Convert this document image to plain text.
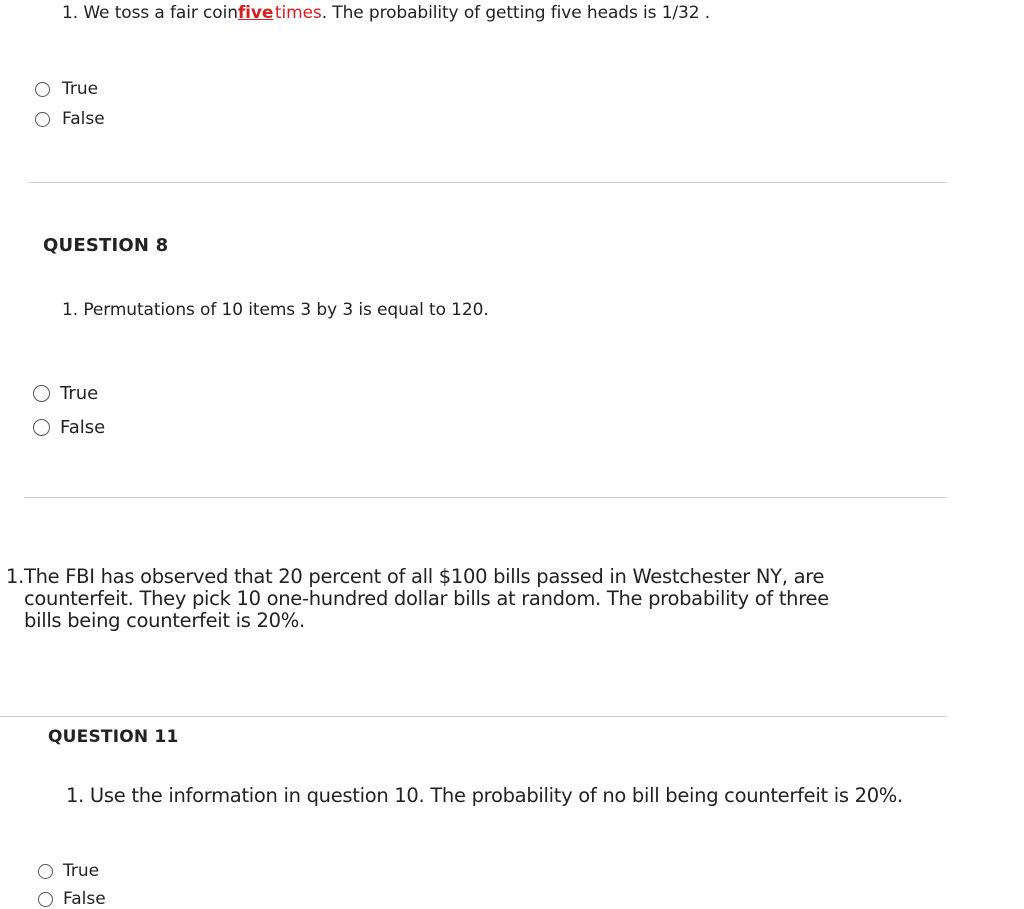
1. We toss a fair coinfive times. The probability of getting five heads is 1/32 .
True
False
QUESTION 8
1. Permutations of 10 items 3 by 3 is equal to 120.
True
False
1. The FBI has observed that 20 percent of all $100 bills passed in Westchester NY, are
counterfeit. They pick 10 one-hundred dollar bills at random. The probability of three
bills being counterfeit is 20%.
QUESTION 11
1. Use the information in question 10. The probability of no bill being counterfeit is 20%.
True
False
